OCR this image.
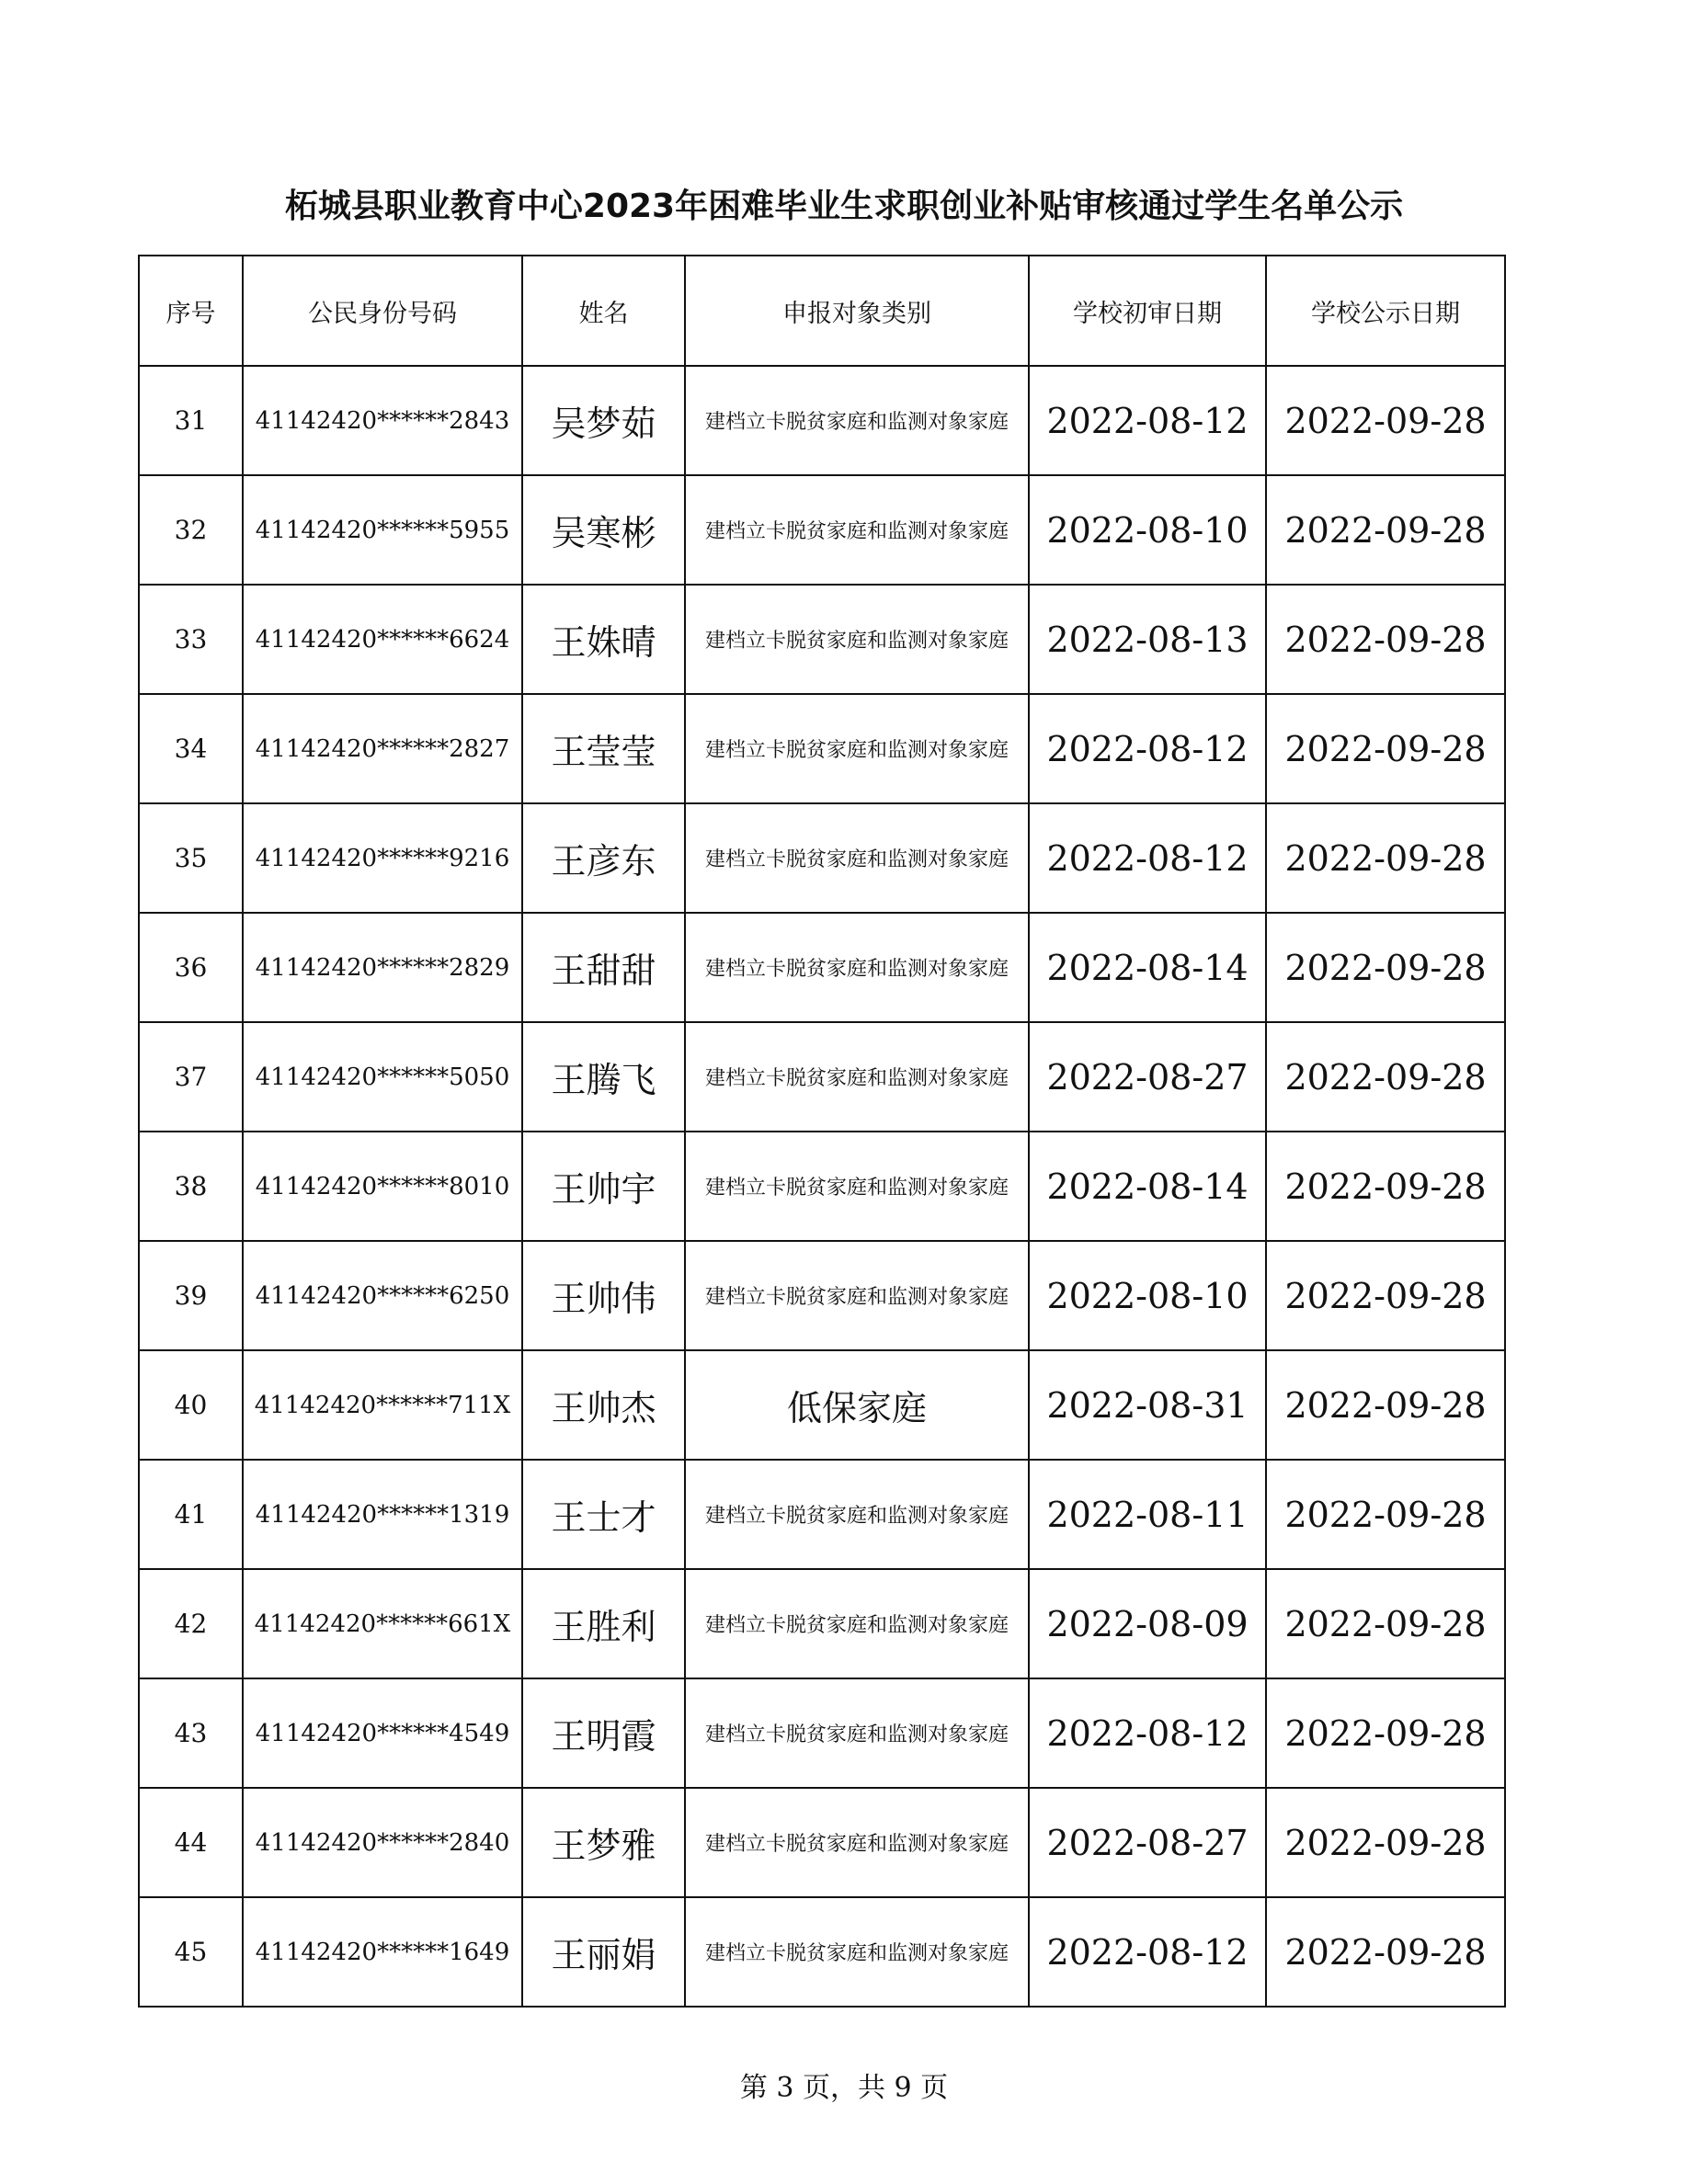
柘城县职业教育中心2023年困难毕业生求职创业补贴审核通过学生名单公示
序号	公民身份号码	姓名	申报对象类别	学校初审日期	学校公示日期
31	41142420******2843	吴梦茹	建档立卡脱贫家庭和监测对象家庭	2022-08-12	2022-09-28
32	41142420******5955	吴寒彬	建档立卡脱贫家庭和监测对象家庭	2022-08-10	2022-09-28
33	41142420******6624	王姝晴	建档立卡脱贫家庭和监测对象家庭	2022-08-13	2022-09-28
34	41142420******2827	王莹莹	建档立卡脱贫家庭和监测对象家庭	2022-08-12	2022-09-28
35	41142420******9216	王彦东	建档立卡脱贫家庭和监测对象家庭	2022-08-12	2022-09-28
36	41142420******2829	王甜甜	建档立卡脱贫家庭和监测对象家庭	2022-08-14	2022-09-28
37	41142420******5050	王腾飞	建档立卡脱贫家庭和监测对象家庭	2022-08-27	2022-09-28
38	41142420******8010	王帅宇	建档立卡脱贫家庭和监测对象家庭	2022-08-14	2022-09-28
39	41142420******6250	王帅伟	建档立卡脱贫家庭和监测对象家庭	2022-08-10	2022-09-28
40	41142420******711X	王帅杰	低保家庭	2022-08-31	2022-09-28
41	41142420******1319	王士才	建档立卡脱贫家庭和监测对象家庭	2022-08-11	2022-09-28
42	41142420******661X	王胜利	建档立卡脱贫家庭和监测对象家庭	2022-08-09	2022-09-28
43	41142420******4549	王明霞	建档立卡脱贫家庭和监测对象家庭	2022-08-12	2022-09-28
44	41142420******2840	王梦雅	建档立卡脱贫家庭和监测对象家庭	2022-08-27	2022-09-28
45	41142420******1649	王丽娟	建档立卡脱贫家庭和监测对象家庭	2022-08-12	2022-09-28
第 3 页，共 9 页
